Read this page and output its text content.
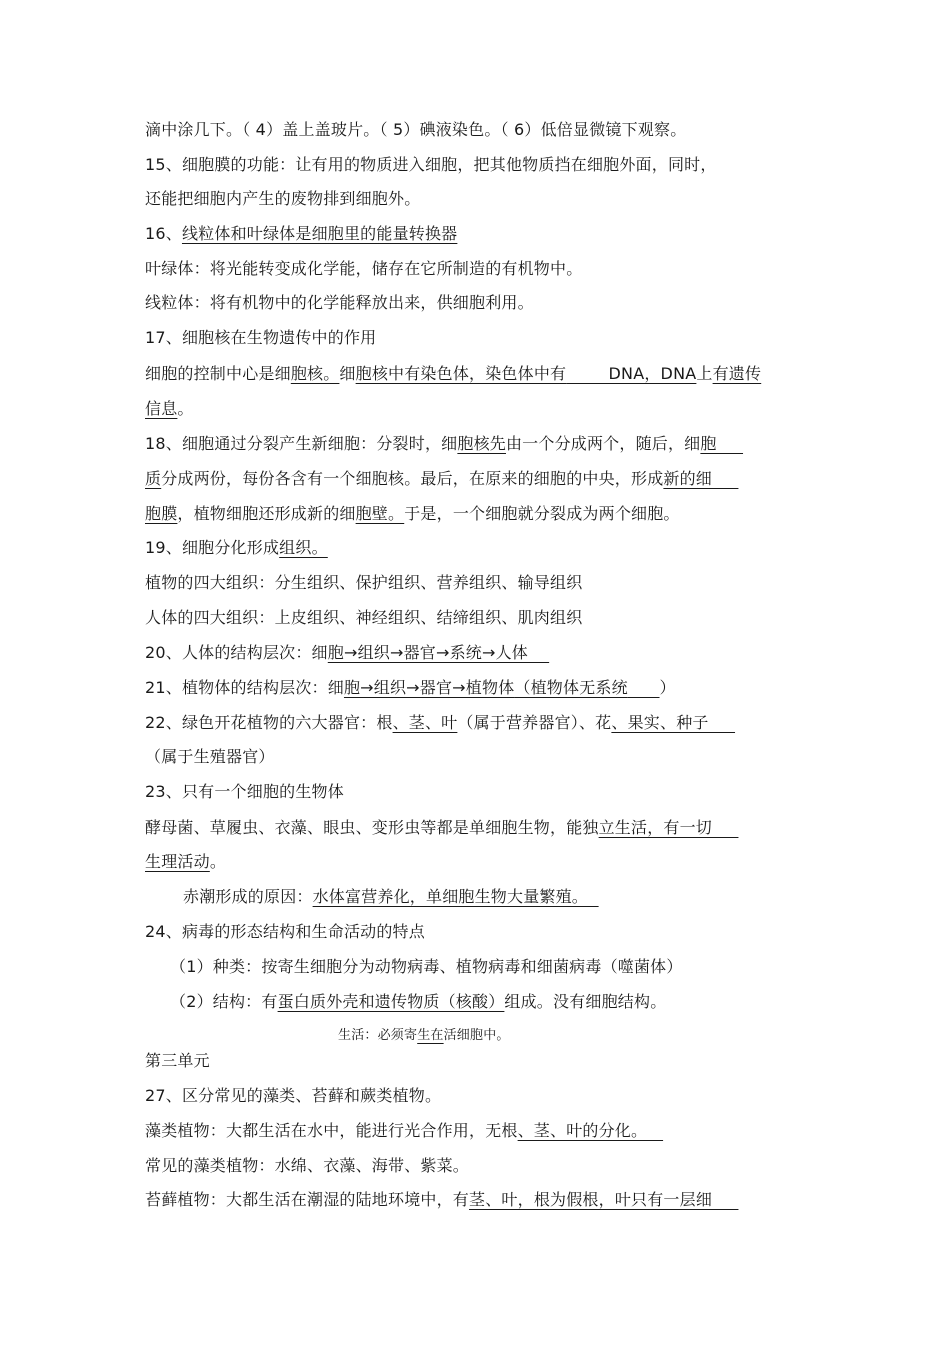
滴中涂几下。（ 4）盖上盖玻片。（ 5）碘液染色。（ 6）低倍显微镜下观察。
15、细胞膜的功能：让有用的物质进入细胞，把其他物质挡在细胞外面，同时，
还能把细胞内产生的废物排到细胞外。
16、线粒体和叶绿体是细胞里的能量转换器
叶绿体：将光能转变成化学能，储存在它所制造的有机物中。
线粒体：将有机物中的化学能释放出来，供细胞利用。
17、细胞核在生物遗传中的作用
细胞的控制中心是细胞核。细胞核中有染色体，染色体中有        DNA，DNA上有遗传
信息。
18、细胞通过分裂产生新细胞：分裂时，细胞核先由一个分成两个，随后，细胞
质分成两份，每份各含有一个细胞核。最后，在原来的细胞的中央，形成新的细
胞膜，植物细胞还形成新的细胞壁。于是，一个细胞就分裂成为两个细胞。
19、细胞分化形成组织。
植物的四大组织：分生组织、保护组织、营养组织、输导组织
人体的四大组织：上皮组织、神经组织、结缔组织、肌肉组织
20、人体的结构层次：细胞→组织→器官→系统→人体
21、植物体的结构层次：细胞→组织→器官→植物体（植物体无系统 ）
22、绿色开花植物的六大器官：根、茎、叶（属于营养器官）、花、果实、种子
（属于生殖器官）
23、只有一个细胞的生物体
酵母菌、草履虫、衣藻、眼虫、变形虫等都是单细胞生物，能独立生活，有一切
生理活动。
赤潮形成的原因：水体富营养化，单细胞生物大量繁殖。
24、病毒的形态结构和生命活动的特点
（1）种类：按寄生细胞分为动物病毒、植物病毒和细菌病毒（噬菌体）
（2）结构：有蛋白质外壳和遗传物质（核酸）组成。没有细胞结构。
生活：必须寄生在活细胞中。
第三单元
27、区分常见的藻类、苔藓和蕨类植物。
藻类植物：大都生活在水中，能进行光合作用，无根、茎、叶的分化。
常见的藻类植物：水绵、衣藻、海带、紫菜。
苔藓植物：大都生活在潮湿的陆地环境中，有茎、叶，根为假根，叶只有一层细
